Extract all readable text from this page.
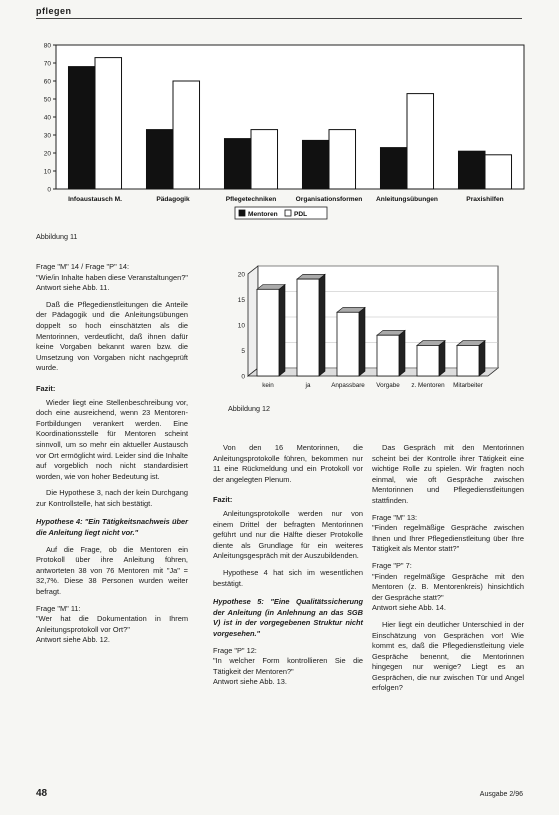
pflegen
0
10
20
30
40
50
60
70
80
Infoaustausch M.	Pädagogik	Pflegetechniken	Organisationsformen Anleitungsübungen	Praxishilfen
Mentoren PDL
Abbildung 11

Frage "M" 14 / Frage "P" 14:

"Wie/in Inhalte haben diese Veranstaltungen?"

Antwort siehe Abb. 11.

Daß die Pflegedienstleitungen die Anteile der Pädagogik und die Anleitungsübungen doppelt so hoch einschätzten als die Mentorinnen, verdeutlicht, daß ihnen dafür keine Vorgaben bekannt waren bzw. die Umsetzung von Vorgaben nicht nachgeprüft wurde.

Fazit:

Wieder liegt eine Stellenbeschreibung vor, doch eine ausreichend, wenn 23 Mentoren-Fortbildungen verankert werden. Eine Koordinationsstelle für Mentoren scheint sinnvoll, um so mehr ein aktueller Austausch vor Ort ermöglicht wird. Leider sind die Inhalte auf vorgeblich noch nicht standardisiert worden, wie von hoher Bedeutung ist.

Die Hypothese 3, nach der kein Durchgang zur Kontrollstelle, hat sich bestätigt.

Hypothese 4: "Ein Tätigkeitsnachweis über die Anleitung liegt nicht vor."

Auf die Frage, ob die Mentoren ein Protokoll über ihre Anleitung führen, antworteten 38 von 76 Mentoren mit "Ja" = 32,7%. Diese 38 Personen wurden weiter befragt.

Frage "M" 11:

"Wer hat die Dokumentation in Ihrem Anleitungsprotokoll vor Ort?"

Antwort siehe Abb. 12.

0
5
10
15
20
kein	ja	Anpassbare Vorgabe z. Mentoren Mitarbeiter
Abbildung 12

Von den 16 Mentorinnen, die Anleitungsprotokolle führen, bekommen nur 11 eine Rückmeldung und ein Protokoll vor der angelegten Plenum.

Fazit:

Anleitungsprotokolle werden nur von einem Drittel der befragten Mentorinnen geführt und nur die Hälfte dieser Protokolle diente als Grundlage für ein weiteres Anleitungsgespräch mit der Auszubildenden.

Hypothese 4 hat sich im wesentlichen bestätigt.

Hypothese 5: "Eine Qualitätssicherung der Anleitung (in Anlehnung an das SGB V) ist in der vorgegebenen Struktur nicht vorgesehen."

Frage "P" 12:

"In welcher Form kontrollieren Sie die Tätigkeit der Mentoren?"

Antwort siehe Abb. 13.

Das Gespräch mit den Mentorinnen scheint bei der Kontrolle ihrer Tätigkeit eine wichtige Rolle zu spielen. Wir fragten noch einmal, wie oft Gespräche zwischen Mentorinnen und Pflegedienstleitungen stattfinden.

Frage "M" 13:

"Finden regelmäßige Gespräche zwischen Ihnen und Ihrer Pflegedienstleitung über Ihre Tätigkeit als Mentor statt?"

Frage "P" 7:

"Finden regelmäßige Gespräche mit den Mentoren (z. B. Mentorenkreis) hinsichtlich der Gespräche statt?"

Antwort siehe Abb. 14.

Hier liegt ein deutlicher Unterschied in der Einschätzung von Gesprächen vor! Wie kommt es, daß die Pflegedienstleitung viele Gespräche benennt, die Mentorinnen hingegen nur wenige? Liegt es an Gesprächen, die nur zwischen Tür und Angel erfolgen?

48	Ausgabe 2/96
